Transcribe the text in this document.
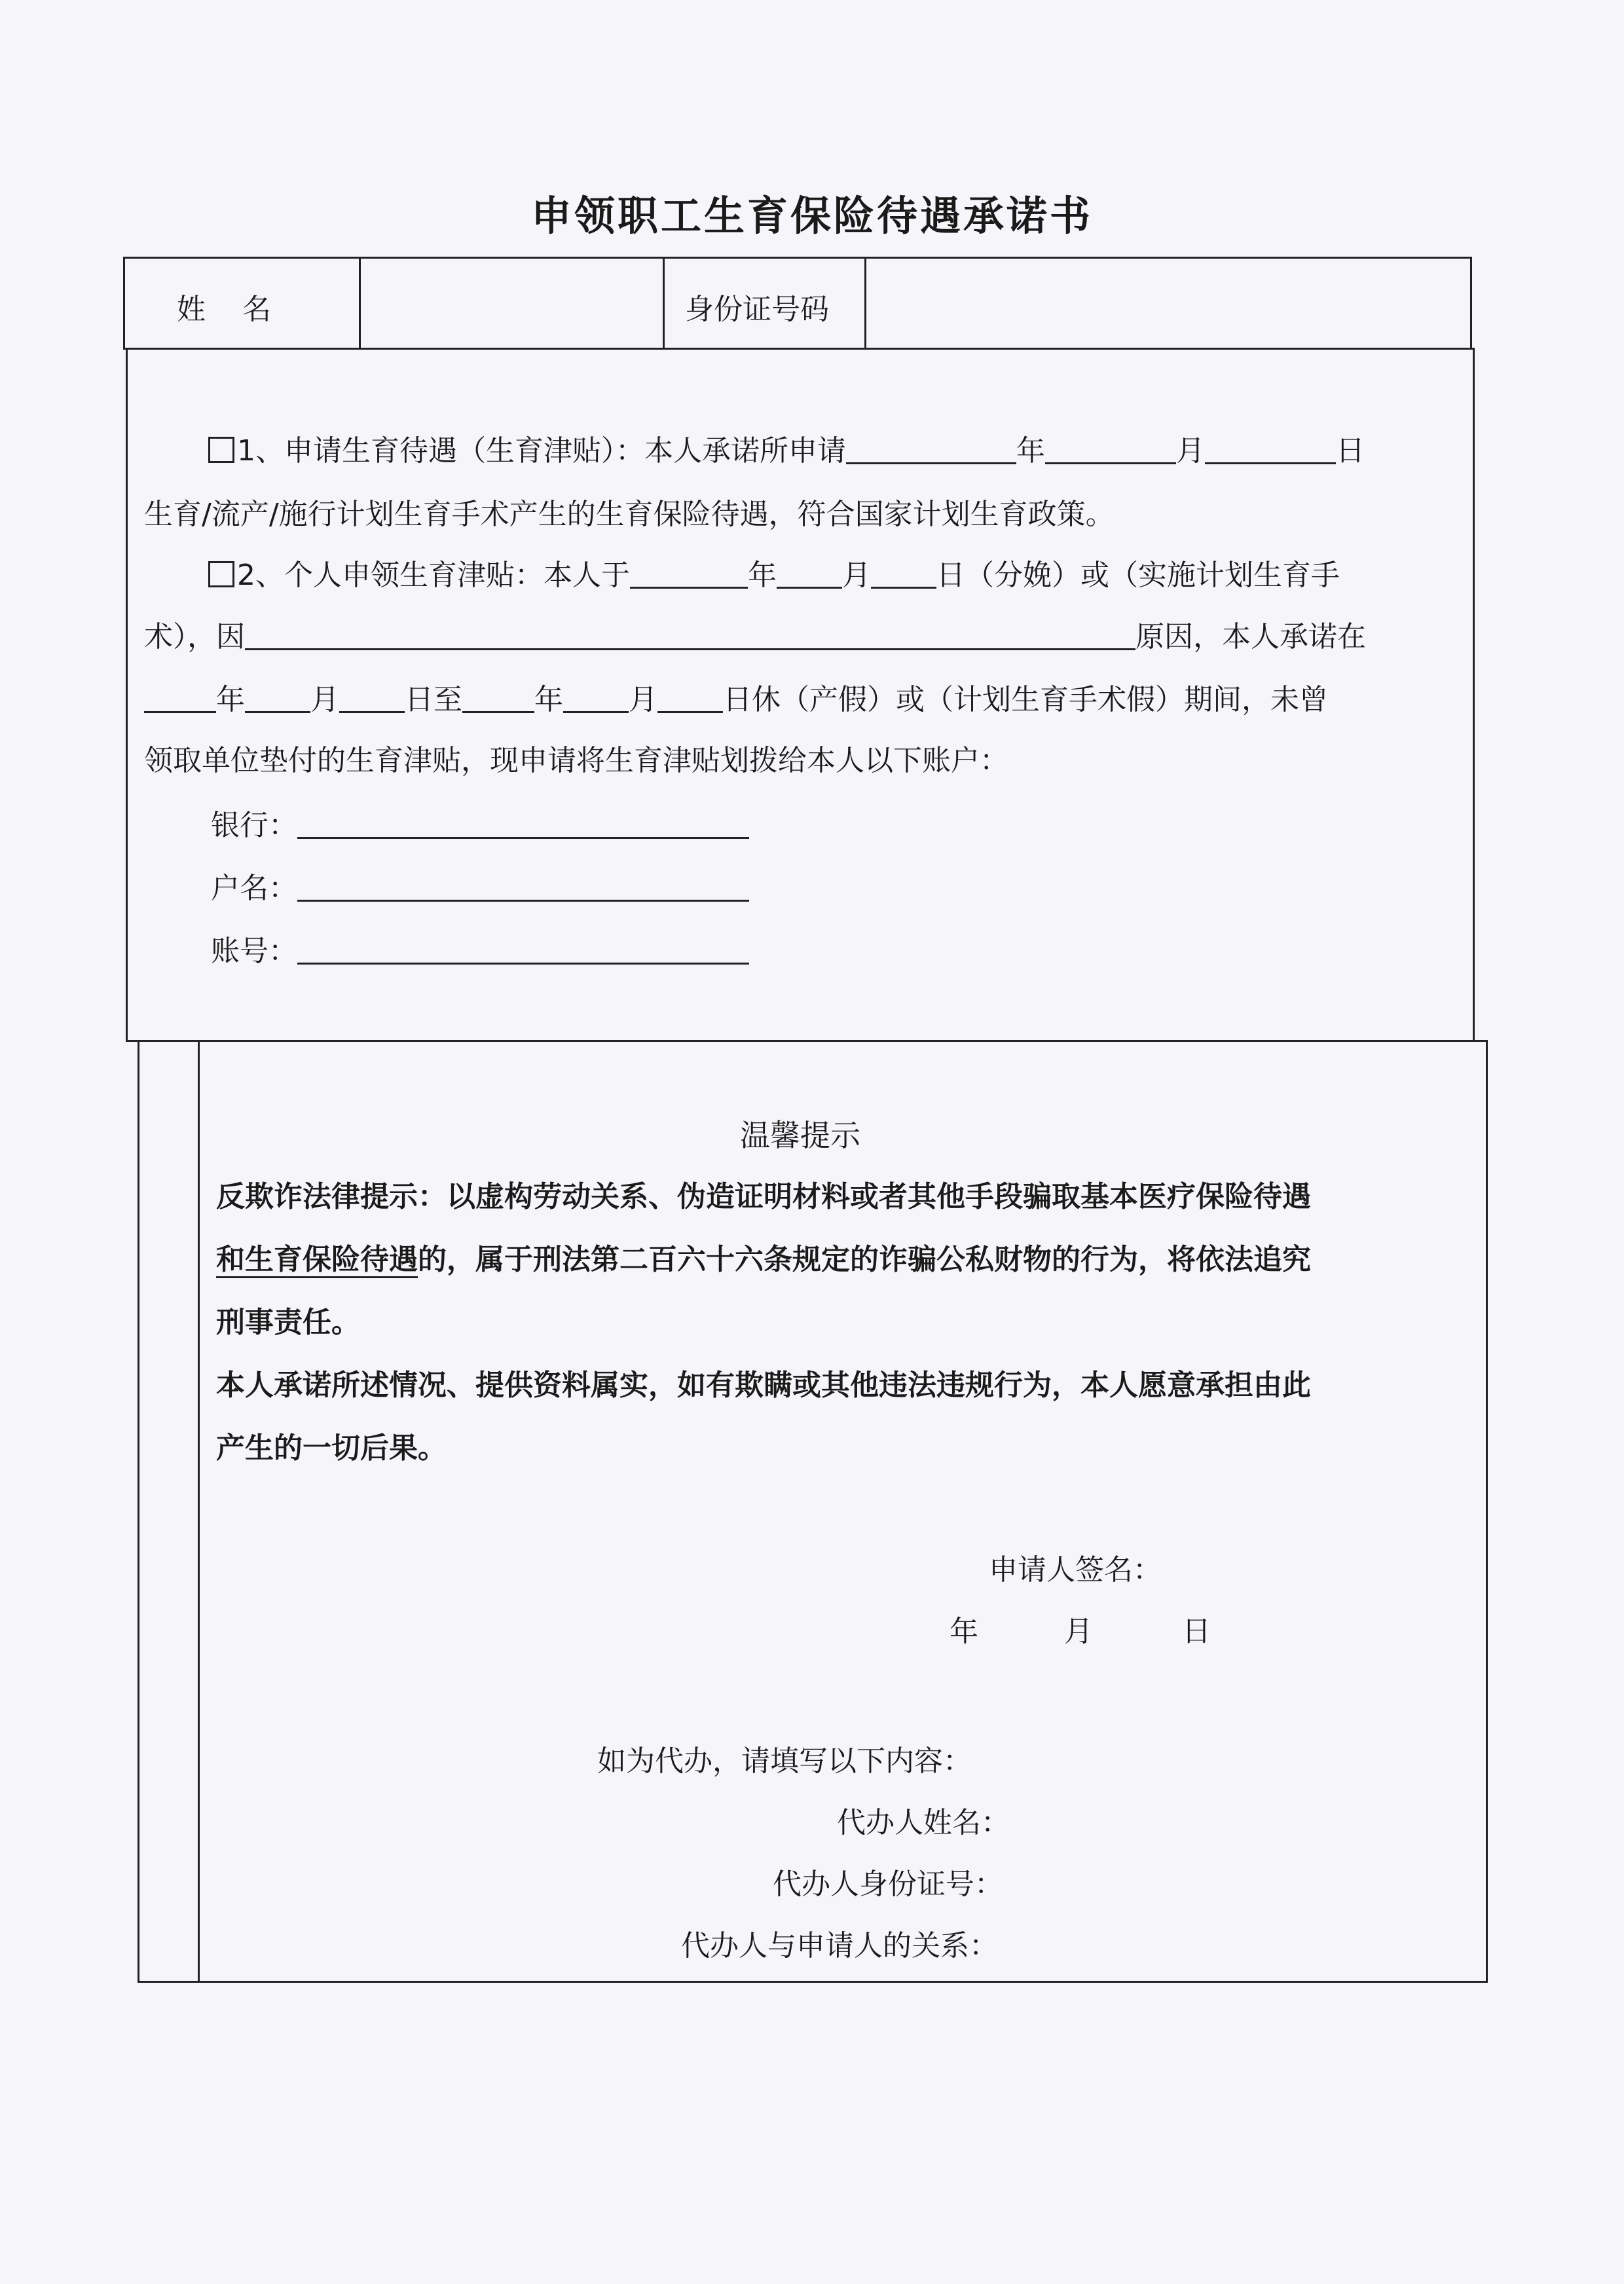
申领职工生育保险待遇承诺书
姓    名	身份证号码
1、申请生育待遇（生育津贴）：本人承诺所申请	年	月	日
生育/流产/施行计划生育手术产生的生育保险待遇，符合国家计划生育政策。
2、个人申领生育津贴：本人于	年 月 日（分娩）或（实施计划生育手
术），因	原因，本人承诺在
年 月 日至	年 月 日休（产假）或（计划生育手术假）期间，未曾
领取单位垫付的生育津贴，现申请将生育津贴划拨给本人以下账户：
银行：
户名：
账号：
温馨提示
反欺诈法律提示：以虚构劳动关系、伪造证明材料或者其他手段骗取基本医疗保险待遇
和生育保险待遇的，属于刑法第二百六十六条规定的诈骗公私财物的行为，将依法追究
刑事责任。
本人承诺所述情况、提供资料属实，如有欺瞒或其他违法违规行为，本人愿意承担由此
产生的一切后果。
申请人签名：
年	月	日
如为代办，请填写以下内容：
代办人姓名：
代办人身份证号：
代办人与申请人的关系：
